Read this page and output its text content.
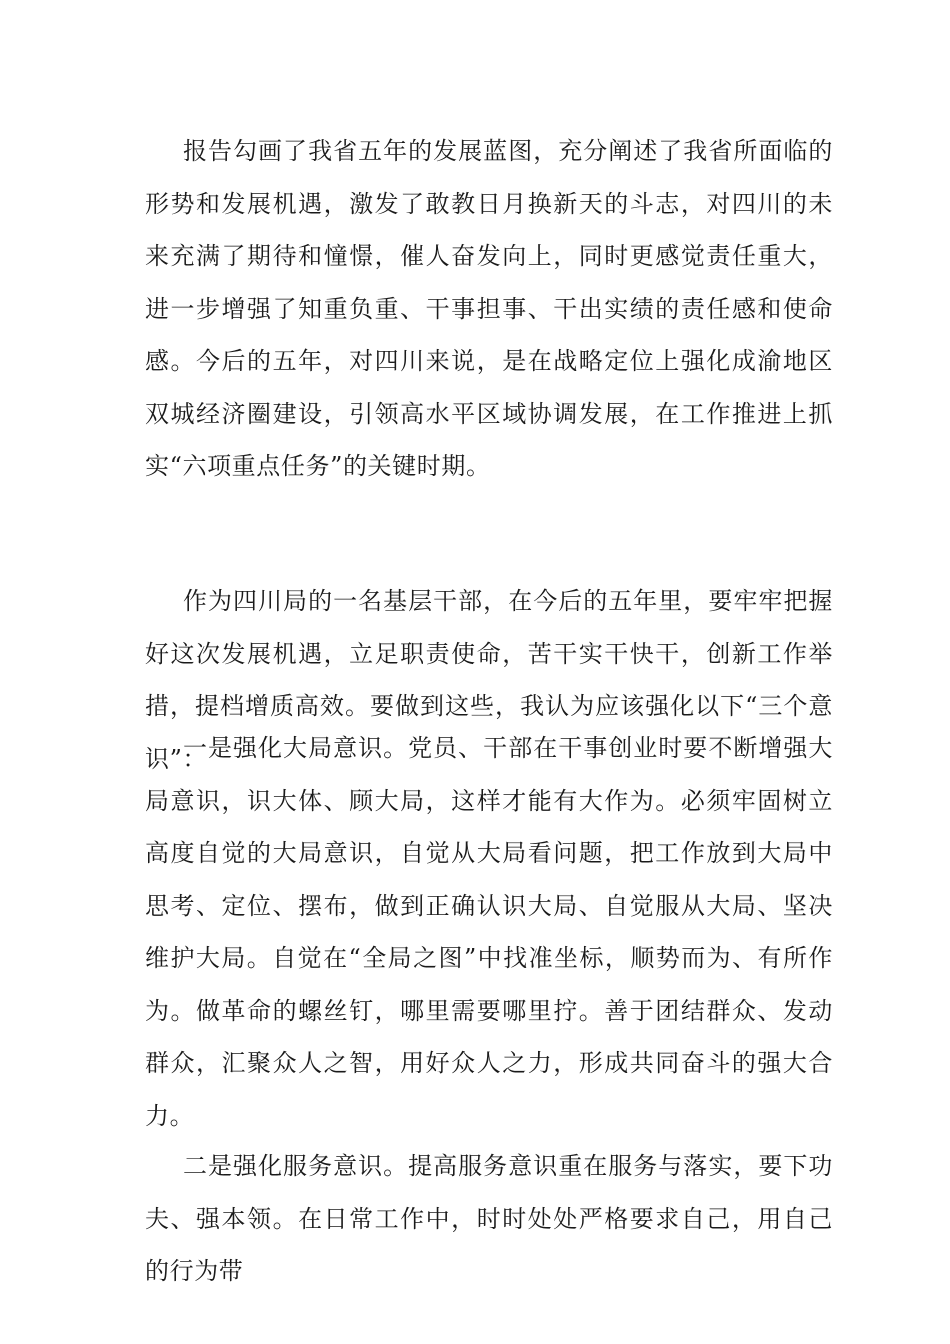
报告勾画了我省五年的发展蓝图，充分阐述了我省所面临的形势和发展机遇，激发了敢教日月换新天的斗志，对四川的未来充满了期待和憧憬，催人奋发向上，同时更感觉责任重大，进一步增强了知重负重、干事担事、干出实绩的责任感和使命感。今后的五年，对四川来说，是在战略定位上强化成渝地区双城经济圈建设，引领高水平区域协调发展，在工作推进上抓实“六项重点任务”的关键时期。

作为四川局的一名基层干部，在今后的五年里，要牢牢把握好这次发展机遇，立足职责使命，苦干实干快干，创新工作举措，提档增质高效。要做到这些，我认为应该强化以下“三个意识”：

一是强化大局意识。党员、干部在干事创业时要不断增强大局意识，识大体、顾大局，这样才能有大作为。必须牢固树立高度自觉的大局意识，自觉从大局看问题，把工作放到大局中思考、定位、摆布，做到正确认识大局、自觉服从大局、坚决维护大局。自觉在“全局之图”中找准坐标，顺势而为、有所作为。做革命的螺丝钉，哪里需要哪里拧。善于团结群众、发动群众，汇聚众人之智，用好众人之力，形成共同奋斗的强大合力。

二是强化服务意识。提高服务意识重在服务与落实，要下功夫、强本领。在日常工作中，时时处处严格要求自己，用自己的行为带
